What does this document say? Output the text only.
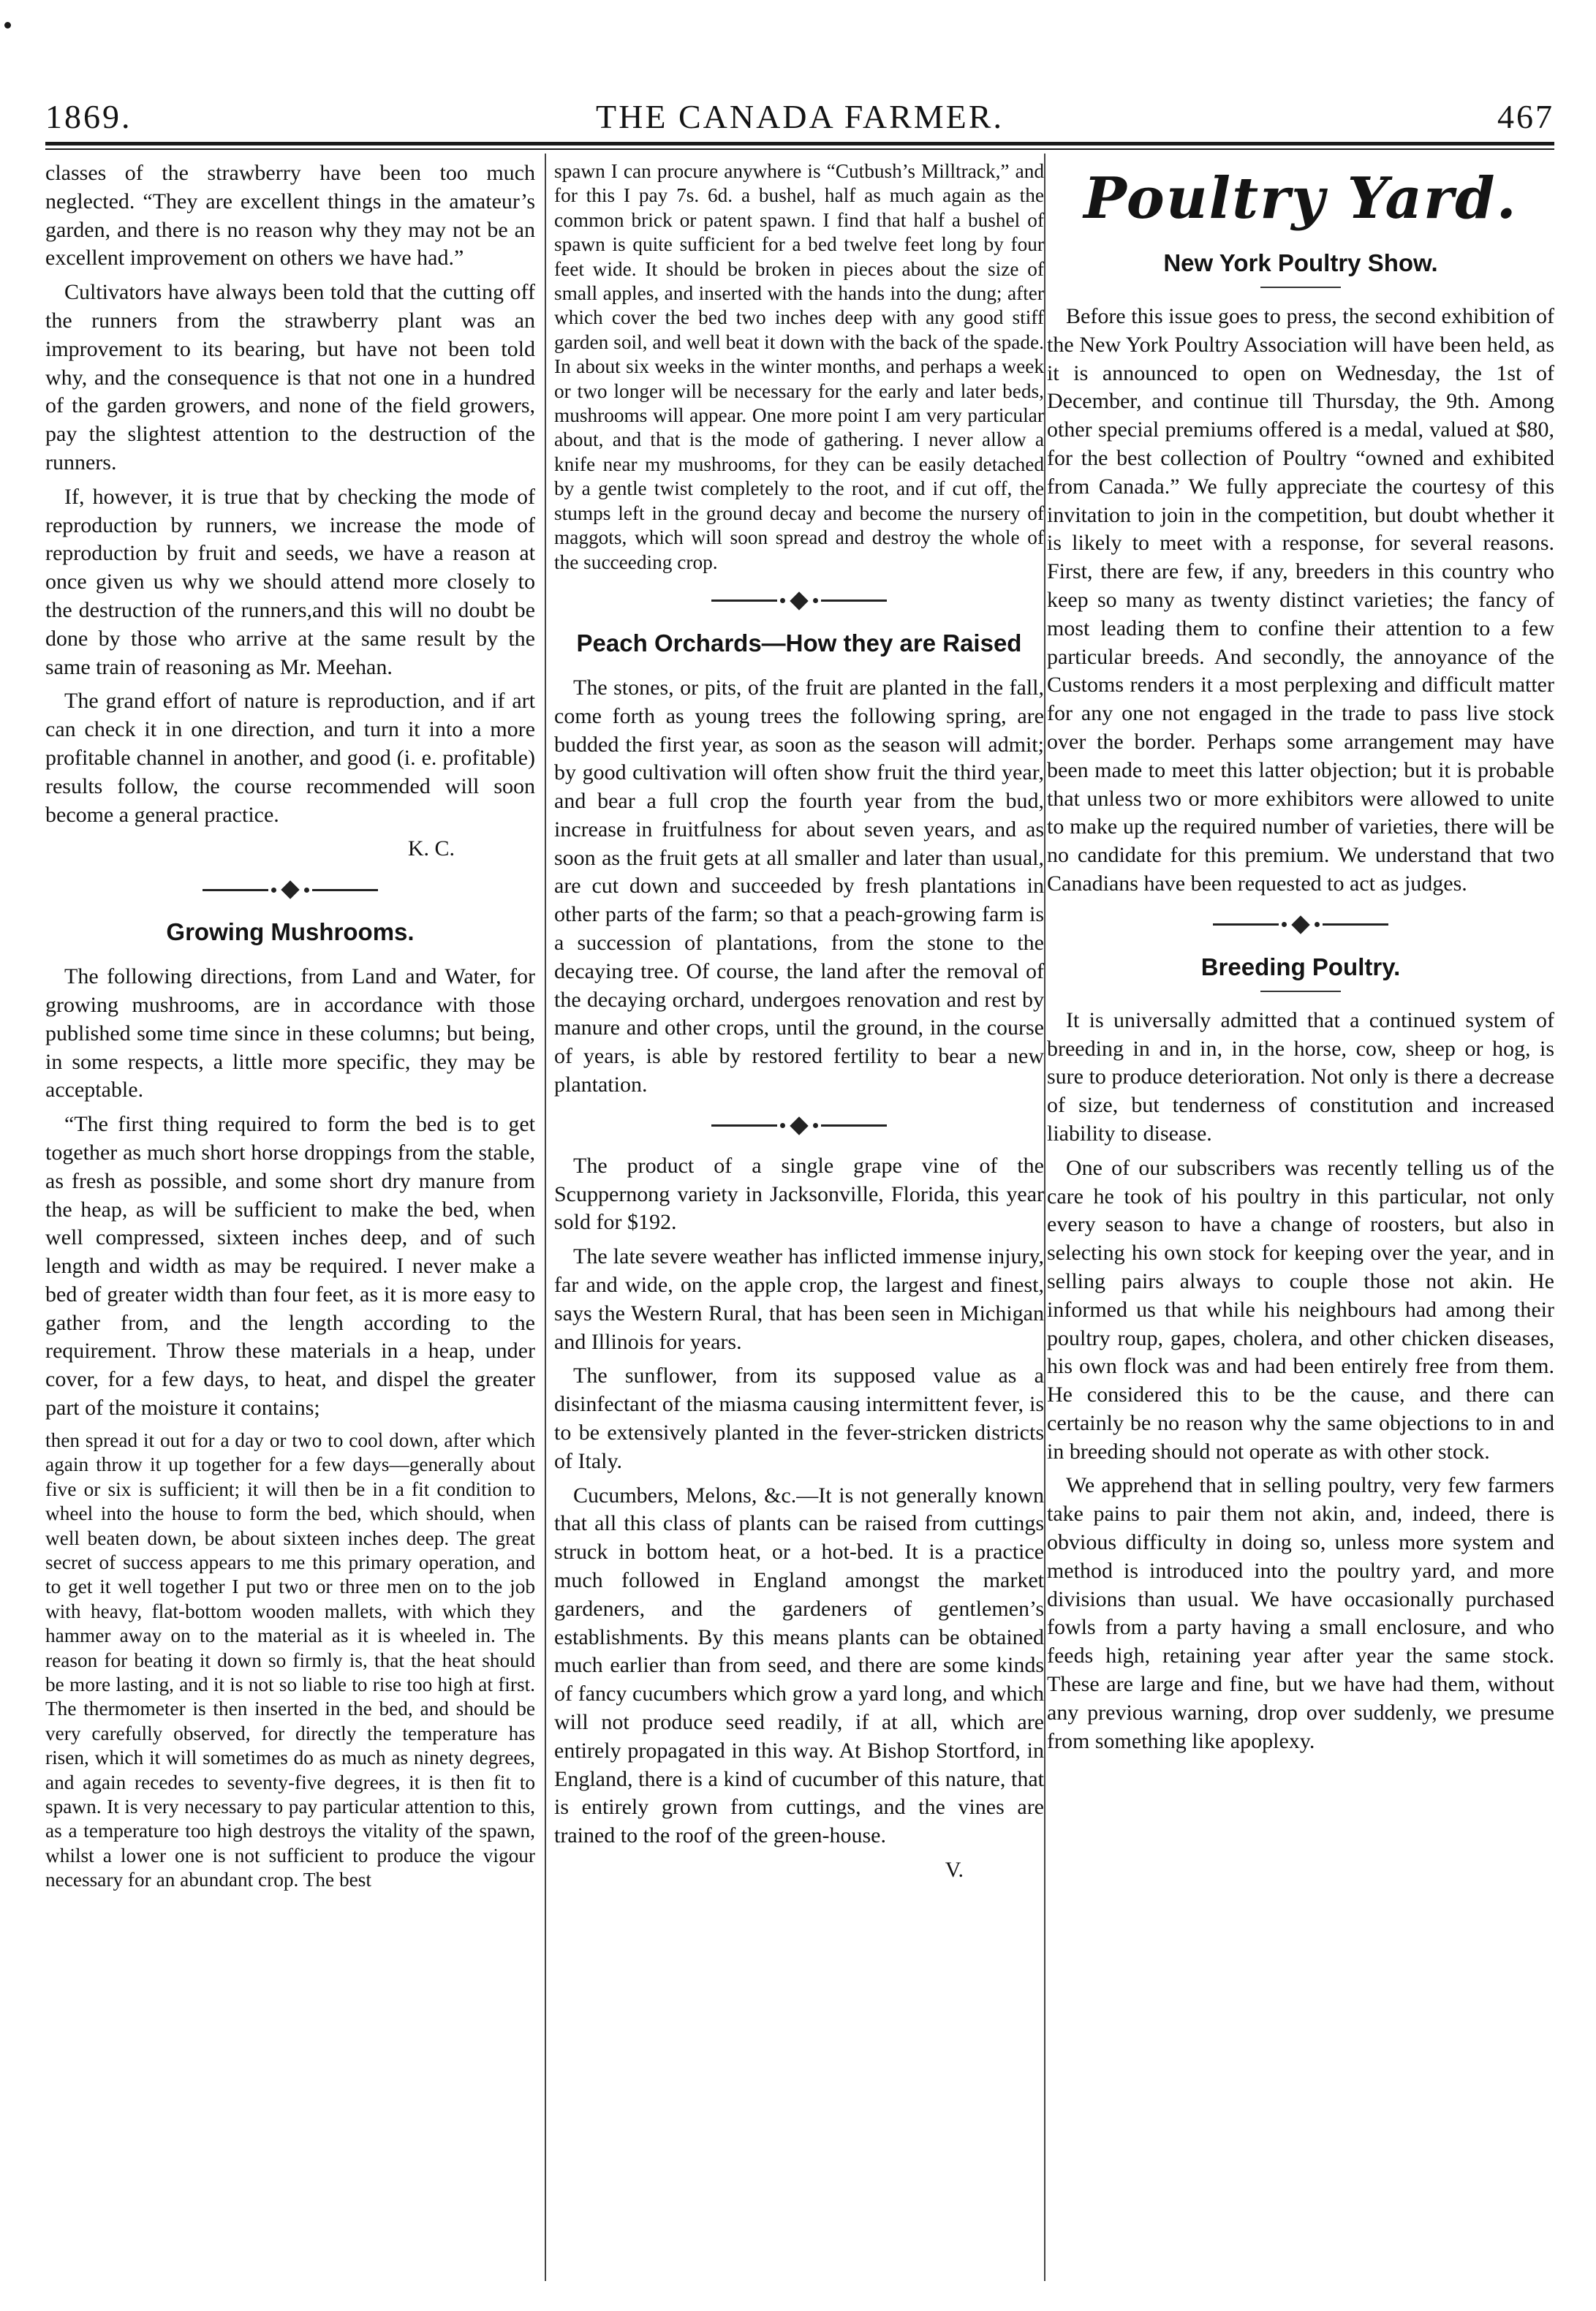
1869.	THE CANADA FARMER.	467

classes of the strawberry have been too much neglected. “They are excellent things in the amateur’s garden, and there is no reason why they may not be an excellent improvement on others we have had.”

Cultivators have always been told that the cutting off the runners from the strawberry plant was an improvement to its bearing, but have not been told why, and the consequence is that not one in a hundred of the garden growers, and none of the field growers, pay the slightest attention to the destruction of the runners.

If, however, it is true that by checking the mode of reproduction by runners, we increase the mode of reproduction by fruit and seeds, we have a reason at once given us why we should attend more closely to the destruction of the runners,and this will no doubt be done by those who arrive at the same result by the same train of reasoning as Mr. Meehan.

The grand effort of nature is reproduction, and if art can check it in one direction, and turn it into a more profitable channel in another, and good (i. e. profitable) results follow, the course recommended will soon become a general practice.

K. C.

Growing Mushrooms.

The following directions, from Land and Water, for growing mushrooms, are in accordance with those published some time since in these columns; but being, in some respects, a little more specific, they may be acceptable.

“The first thing required to form the bed is to get together as much short horse droppings from the stable, as fresh as possible, and some short dry manure from the heap, as will be sufficient to make the bed, when well compressed, sixteen inches deep, and of such length and width as may be required. I never make a bed of greater width than four feet, as it is more easy to gather from, and the length according to the requirement. Throw these materials in a heap, under cover, for a few days, to heat, and dispel the greater part of the moisture it contains;

then spread it out for a day or two to cool down, after which again throw it up together for a few days—generally about five or six is sufficient; it will then be in a fit condition to wheel into the house to form the bed, which should, when well beaten down, be about sixteen inches deep. The great secret of success appears to me this primary operation, and to get it well together I put two or three men on to the job with heavy, flat-bottom wooden mallets, with which they hammer away on to the material as it is wheeled in. The reason for beating it down so firmly is, that the heat should be more lasting, and it is not so liable to rise too high at first. The thermometer is then inserted in the bed, and should be very carefully observed, for directly the temperature has risen, which it will sometimes do as much as ninety degrees, and again recedes to seventy-five degrees, it is then fit to spawn. It is very necessary to pay particular attention to this, as a temperature too high destroys the vitality of the spawn, whilst a lower one is not sufficient to produce the vigour necessary for an abundant crop. The best

spawn I can procure anywhere is “Cutbush’s Milltrack,” and for this I pay 7s. 6d. a bushel, half as much again as the common brick or patent spawn. I find that half a bushel of spawn is quite sufficient for a bed twelve feet long by four feet wide. It should be broken in pieces about the size of small apples, and inserted with the hands into the dung; after which cover the bed two inches deep with any good stiff garden soil, and well beat it down with the back of the spade. In about six weeks in the winter months, and perhaps a week or two longer will be necessary for the early and later beds, mushrooms will appear. One more point I am very particular about, and that is the mode of gathering. I never allow a knife near my mushrooms, for they can be easily detached by a gentle twist completely to the root, and if cut off, the stumps left in the ground decay and become the nursery of maggots, which will soon spread and destroy the whole of the succeeding crop.

Peach Orchards—How they are Raised

The stones, or pits, of the fruit are planted in the fall, come forth as young trees the following spring, are budded the first year, as soon as the season will admit; by good cultivation will often show fruit the third year, and bear a full crop the fourth year from the bud, increase in fruitfulness for about seven years, and as soon as the fruit gets at all smaller and later than usual, are cut down and succeeded by fresh plantations in other parts of the farm; so that a peach-growing farm is a succession of plantations, from the stone to the decaying tree. Of course, the land after the removal of the decaying orchard, undergoes renovation and rest by manure and other crops, until the ground, in the course of years, is able by restored fertility to bear a new plantation.

The product of a single grape vine of the Scuppernong variety in Jacksonville, Florida, this year sold for $192.

The late severe weather has inflicted immense injury, far and wide, on the apple crop, the largest and finest, says the Western Rural, that has been seen in Michigan and Illinois for years.

The sunflower, from its supposed value as a disinfectant of the miasma causing intermittent fever, is to be extensively planted in the fever-stricken districts of Italy.

Cucumbers, Melons, &c.—It is not generally known that all this class of plants can be raised from cuttings struck in bottom heat, or a hot-bed. It is a practice much followed in England amongst the market gardeners, and the gardeners of gentlemen’s establishments. By this means plants can be obtained much earlier than from seed, and there are some kinds of fancy cucumbers which grow a yard long, and which will not produce seed readily, if at all, which are entirely propagated in this way. At Bishop Stortford, in England, there is a kind of cucumber of this nature, that is entirely grown from cuttings, and the vines are trained to the roof of the green-house.

V.

Poultry Yard.
New York Poultry Show.

Before this issue goes to press, the second exhibition of the New York Poultry Association will have been held, as it is announced to open on Wednesday, the 1st of December, and continue till Thursday, the 9th. Among other special premiums offered is a medal, valued at $80, for the best collection of Poultry “owned and exhibited from Canada.” We fully appreciate the courtesy of this invitation to join in the competition, but doubt whether it is likely to meet with a response, for several reasons. First, there are few, if any, breeders in this country who keep so many as twenty distinct varieties; the fancy of most leading them to confine their attention to a few particular breeds. And secondly, the annoyance of the Customs renders it a most perplexing and difficult matter for any one not engaged in the trade to pass live stock over the border. Perhaps some arrangement may have been made to meet this latter objection; but it is probable that unless two or more exhibitors were allowed to unite to make up the required number of varieties, there will be no candidate for this premium. We understand that two Canadians have been requested to act as judges.

Breeding Poultry.

It is universally admitted that a continued system of breeding in and in, in the horse, cow, sheep or hog, is sure to produce deterioration. Not only is there a decrease of size, but tenderness of constitution and increased liability to disease.

One of our subscribers was recently telling us of the care he took of his poultry in this particular, not only every season to have a change of roosters, but also in selecting his own stock for keeping over the year, and in selling pairs always to couple those not akin. He informed us that while his neighbours had among their poultry roup, gapes, cholera, and other chicken diseases, his own flock was and had been entirely free from them. He considered this to be the cause, and there can certainly be no reason why the same objections to in and in breeding should not operate as with other stock.

We apprehend that in selling poultry, very few farmers take pains to pair them not akin, and, indeed, there is obvious difficulty in doing so, unless more system and method is introduced into the poultry yard, and more divisions than usual. We have occasionally purchased fowls from a party having a small enclosure, and who feeds high, retaining year after year the same stock. These are large and fine, but we have had them, without any previous warning, drop over suddenly, we presume from something like apoplexy.
